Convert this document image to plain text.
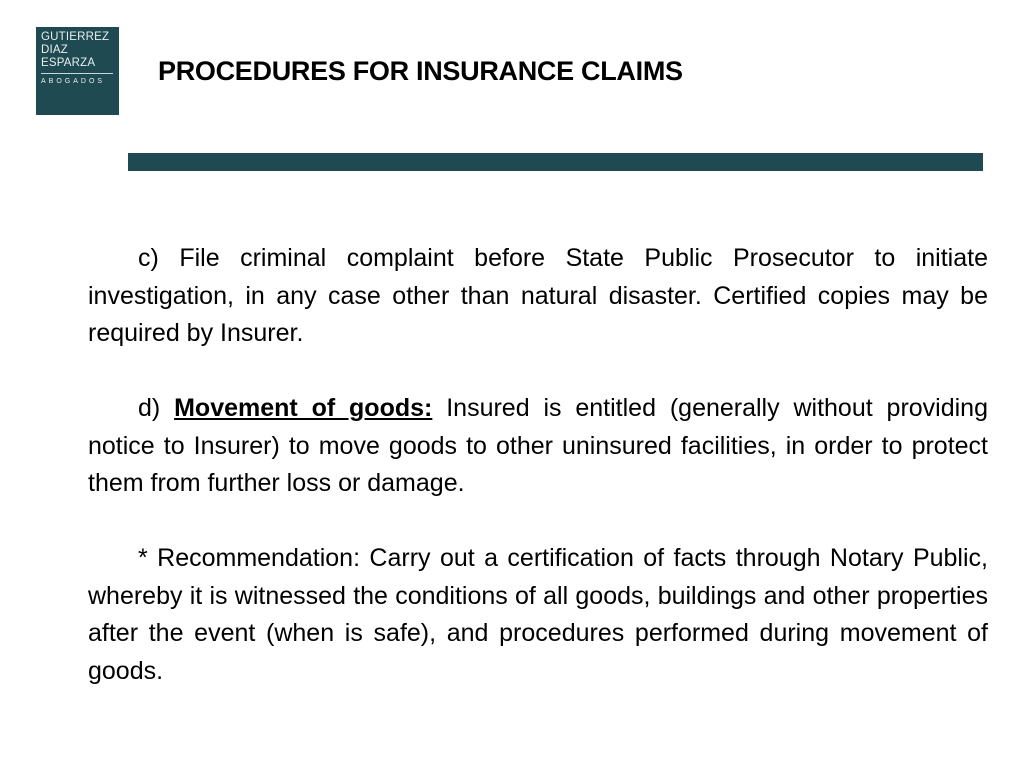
GUTIERREZ
DIAZ
ESPARZA
ABOGADOS	PROCEDURES FOR INSURANCE CLAIMS

c) File criminal complaint before State Public Prosecutor to initiate investigation, in any case other than natural disaster. Certified copies may be required by Insurer.

d) Movement of goods: Insured is entitled (generally without providing notice to Insurer) to move goods to other uninsured facilities, in order to protect them from further loss or damage.

* Recommendation: Carry out a certification of facts through Notary Public, whereby it is witnessed the conditions of all goods, buildings and other properties after the event (when is safe), and procedures performed during movement of goods.
